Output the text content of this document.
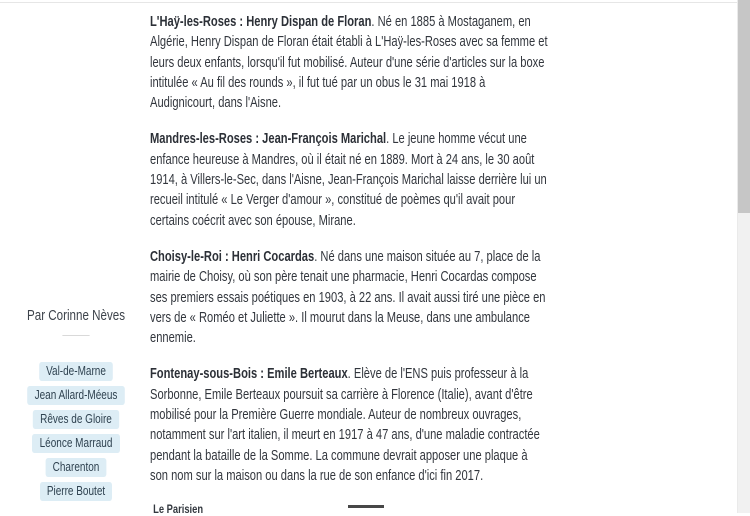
Par Corinne Nèves
Val-de-Marne
Jean Allard-Méeus
Rêves de Gloire
Léonce Marraud
Charenton
Pierre Boutet

L'Haÿ-les-Roses : Henry Dispan de Floran. Né en 1885 à Mostaganem, en Algérie, Henry Dispan de Floran était établi à L'Haÿ-les-Roses avec sa femme et leurs deux enfants, lorsqu'il fut mobilisé. Auteur d'une série d'articles sur la boxe intitulée « Au fil des rounds », il fut tué par un obus le 31 mai 1918 à Audignicourt, dans l'Aisne.

Mandres-les-Roses : Jean-François Marichal. Le jeune homme vécut une enfance heureuse à Mandres, où il était né en 1889. Mort à 24 ans, le 30 août 1914, à Villers-le-Sec, dans l'Aisne, Jean-François Marichal laisse derrière lui un recueil intitulé « Le Verger d'amour », constitué de poèmes qu'il avait pour certains coécrit avec son épouse, Mirane.

Choisy-le-Roi : Henri Cocardas. Né dans une maison située au 7, place de la mairie de Choisy, où son père tenait une pharmacie, Henri Cocardas compose ses premiers essais poétiques en 1903, à 22 ans. Il avait aussi tiré une pièce en vers de « Roméo et Juliette ». Il mourut dans la Meuse, dans une ambulance ennemie.

Fontenay-sous-Bois : Emile Berteaux. Elève de l'ENS puis professeur à la Sorbonne, Emile Berteaux poursuit sa carrière à Florence (Italie), avant d'être mobilisé pour la Première Guerre mondiale. Auteur de nombreux ouvrages, notamment sur l'art italien, il meurt en 1917 à 47 ans, d'une maladie contractée pendant la bataille de la Somme. La commune devrait apposer une plaque à son nom sur la maison ou dans la rue de son enfance d'ici fin 2017.

Le Parisien
